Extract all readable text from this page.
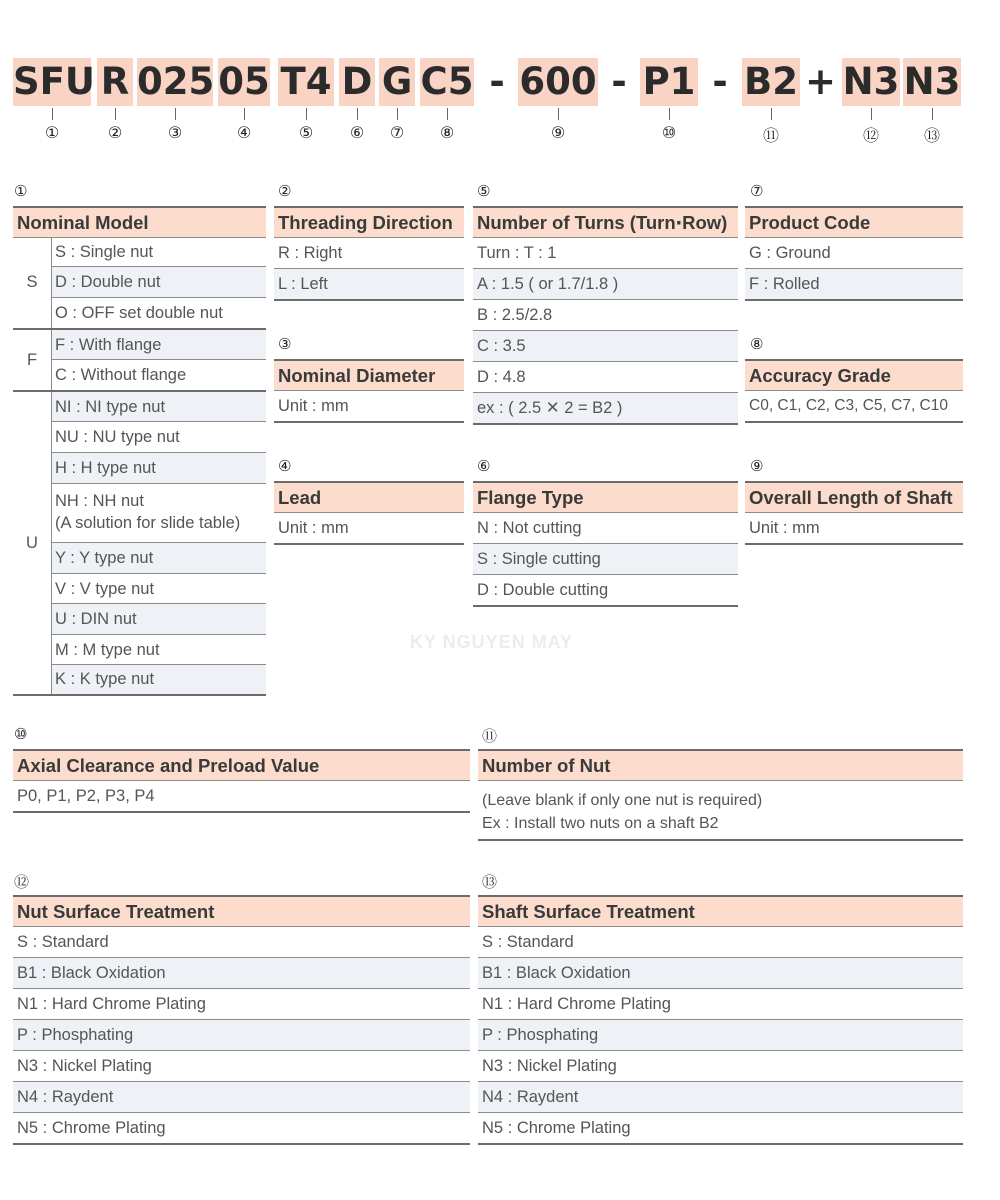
SFU R 025 05 T4 D G C5 - 600 - P1 - B2 + N3 N3
①	②	③	④	⑤ ⑥ ⑦ ⑧	⑨	⑩	⑪	⑫	⑬
①
Nominal Model
S
S : Single nut
D : Double nut
O : OFF set double nut
F
F : With flange
C : Without flange
U
NI : NI type nut
NU : NU type nut
H : H type nut
NH : NH nut
(A solution for slide table)
Y : Y type nut
V : V type nut
U : DIN nut
M : M type nut
K : K type nut
②
Threading Direction
R : Right
L : Left
③
Nominal Diameter
Unit : mm
④
Lead
Unit : mm
⑤
Number of Turns (Turn‧Row)
Turn : T : 1
A : 1.5 ( or 1.7/1.8 )
B : 2.5/2.8
C : 3.5
D : 4.8
ex : ( 2.5 ✕ 2 = B2 )
⑥
Flange Type
N : Not cutting
S : Single cutting
D : Double cutting
⑦
Product Code
G : Ground
F : Rolled
⑧
Accuracy Grade
C0, C1, C2, C3, C5, C7, C10
⑨
Overall Length of Shaft
Unit : mm
KY NGUYEN MAY
⑩
Axial Clearance and Preload Value
P0, P1, P2, P3, P4
⑪
Number of Nut
(Leave blank if only one nut is required)
Ex : Install two nuts on a shaft B2
⑫
Nut Surface Treatment
S : Standard
B1 : Black Oxidation
N1 : Hard Chrome Plating
P : Phosphating
N3 : Nickel Plating
N4 : Raydent
N5 : Chrome Plating
⑬
Shaft Surface Treatment
S : Standard
B1 : Black Oxidation
N1 : Hard Chrome Plating
P : Phosphating
N3 : Nickel Plating
N4 : Raydent
N5 : Chrome Plating
